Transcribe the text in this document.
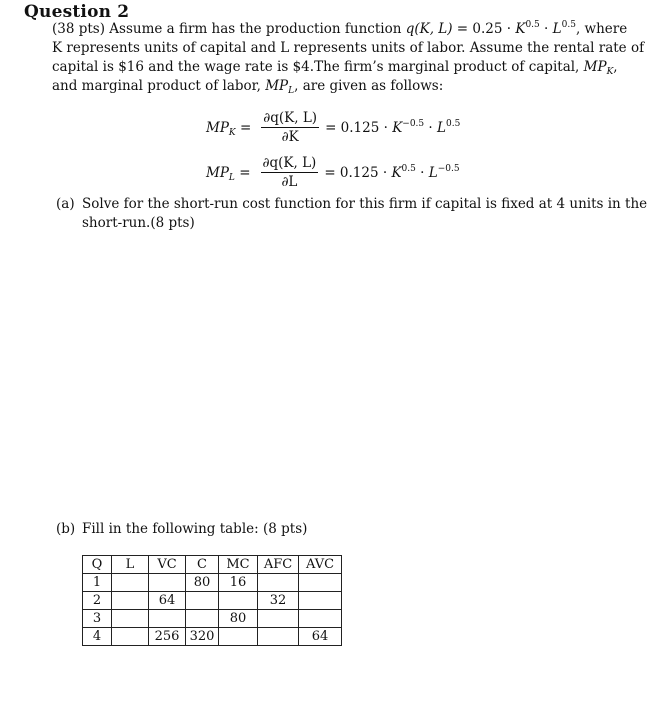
Question 2
(38 pts) Assume a firm has the production function q(K, $L) = 0.25 \cdot K^{0.5} \cdot L^{0.5}$, where
K represents units of capital and L represents units of labor. Assume the rental rate of
capital is $16 and the wage rate is $4. The firm’s marginal product of capital, $MP_K$,
and marginal product of labor, $MP_L$, are given as follows:
$MP_K = \frac{\partial q(K, L)}{\partial K} = 0.125 \cdot K^{-0.5} \cdot L^{0.5}$
$MP_L = \frac{\partial q(K, L)}{\partial L} = 0.125 \cdot K^{0.5} \cdot L^{-0.5}$
(a) Solve for the short-run cost function for this firm if capital is fixed at 4 units in the
short-run.(8 pts)
(b) Fill in the following table: (8 pts)
Q	L	VC	C	MC	AFC	AVC
1			80	16		
2		64			32	
3				80		
4		256	320			64
